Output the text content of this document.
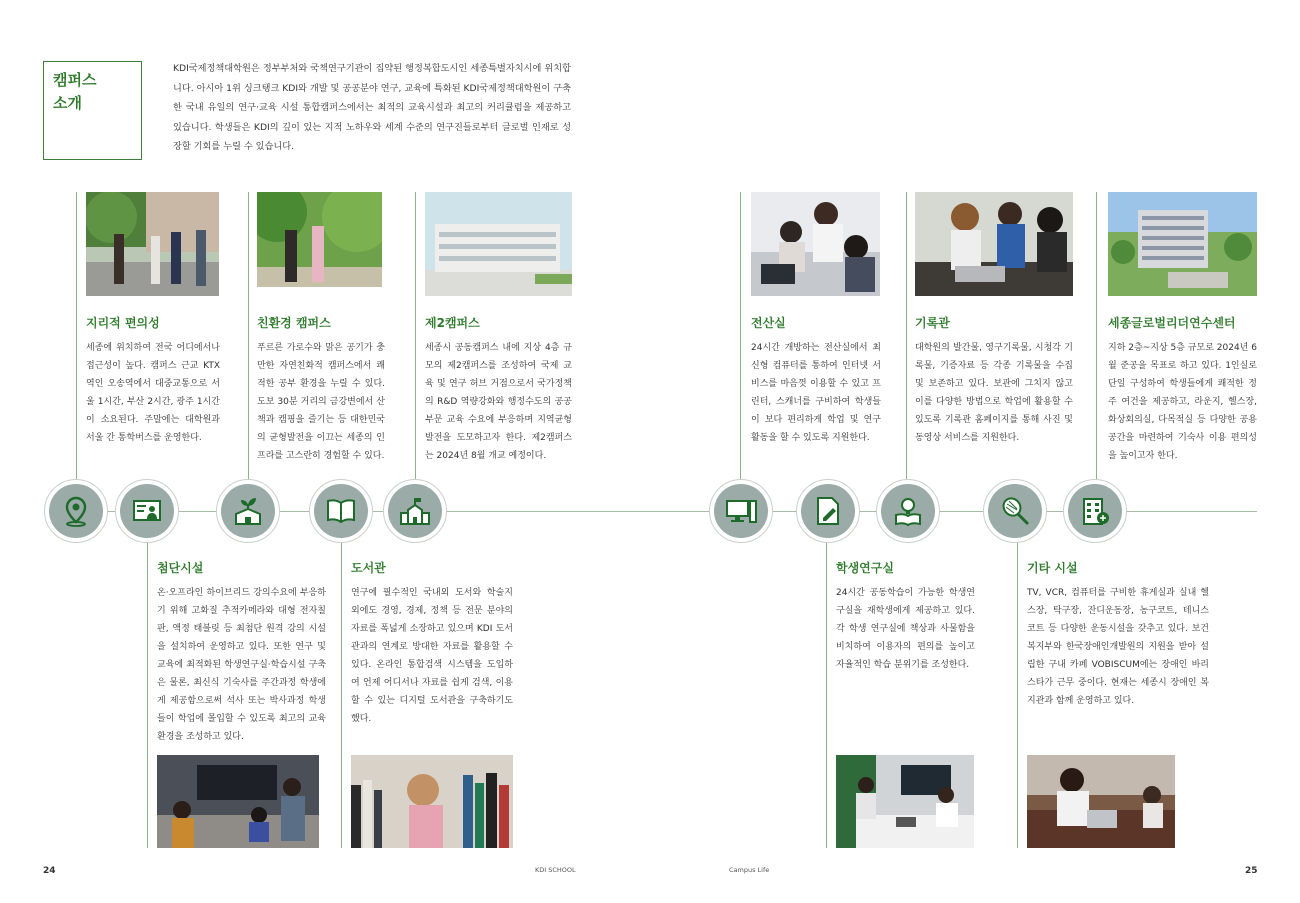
캠퍼스
소개
KDI국제정책대학원은 정부부처와 국책연구기관이 집약된 행정복합도시인 세종특별자치시에 위치합니다. 아시아 1위 싱크탱크 KDI와 개발 및 공공분야 연구, 교육에 특화된 KDI국제정책대학원이 구축한 국내 유일의 연구·교육 시설 통합캠퍼스에서는 최적의 교육시설과 최고의 커리큘럼을 제공하고 있습니다. 학생들은 KDI의 깊이 있는 지적 노하우와 세계 수준의 연구진들로부터 글로벌 인재로 성장할 기회를 누릴 수 있습니다.
지리적 편의성
세종에 위치하여 전국 어디에서나 접근성이 높다. 캠퍼스 근교 KTX역인 오송역에서 대중교통으로 서울 1시간, 부산 2시간, 광주 1시간이 소요된다. 주말에는 대학원과 서울 간 통학버스를 운영한다.
친환경 캠퍼스
푸르른 가로수와 맑은 공기가 충만한 자연친화적 캠퍼스에서 쾌적한 공부 환경을 누릴 수 있다. 도보 30분 거리의 금강변에서 산책과 캠핑을 즐기는 등 대한민국의 균형발전을 이끄는 세종의 인프라를 고스란히 경험할 수 있다.
제2캠퍼스
세종시 공동캠퍼스 내에 지상 4층 규모의 제2캠퍼스를 조성하여 국제 교육 및 연구 허브 거점으로서 국가정책의 R&D 역량강화와 행정수도의 공공부문 교육 수요에 부응하며 지역균형 발전을 도모하고자 한다. 제2캠퍼스는 2024년 8월 개교 예정이다.
전산실
24시간 개방하는 전산실에서 최신형 컴퓨터를 통하여 인터넷 서비스를 마음껏 이용할 수 있고 프린터, 스캐너를 구비하여 학생들이 보다 편리하게 학업 및 연구 활동을 할 수 있도록 지원한다.
기록관
대학원의 발간물, 영구기록물, 시청각 기록물, 기증자료 등 각종 기록물을 수집 및 보존하고 있다. 보관에 그치지 않고 이를 다양한 방법으로 학업에 활용할 수 있도록 기록관 홈페이지를 통해 사진 및 동영상 서비스를 지원한다.
세종글로벌리더연수센터
지하 2층~지상 5층 규모로 2024년 6월 준공을 목표로 하고 있다. 1인실로 단일 구성하여 학생들에게 쾌적한 정주 여건을 제공하고, 라운지, 헬스장, 화상회의실, 다목적실 등 다양한 공용 공간을 마련하여 기숙사 이용 편의성을 높이고자 한다.
첨단시설
온·오프라인 하이브리드 강의수요에 부응하기 위해 고화질 추적카메라와 대형 전자칠판, 액정 태블릿 등 최첨단 원격 강의 시설을 설치하여 운영하고 있다. 또한 연구 및 교육에 최적화된 학생연구실·학습시설 구축은 물론, 최신식 기숙사를 주간과정 학생에게 제공함으로써 석사 또는 박사과정 학생들이 학업에 몰입할 수 있도록 최고의 교육환경을 조성하고 있다.
도서관
연구에 필수적인 국내외 도서와 학술지 외에도 경영, 경제, 정책 등 전문 분야의 자료를 폭넓게 소장하고 있으며 KDI 도서관과의 연계로 방대한 자료를 활용할 수 있다. 온라인 통합검색 시스템을 도입하여 언제 어디서나 자료를 쉽게 검색, 이용할 수 있는 디지털 도서관을 구축하기도 했다.
학생연구실
24시간 공동학습이 가능한 학생연구실을 재학생에게 제공하고 있다. 각 학생 연구실에 책상과 사물함을 비치하여 이용자의 편의를 높이고 자율적인 학습 분위기를 조성한다.
기타 시설
TV, VCR, 컴퓨터를 구비한 휴게실과 실내 헬스장, 탁구장, 잔디운동장, 농구코트, 테니스 코트 등 다양한 운동시설을 갖추고 있다. 보건복지부와 한국장애인개발원의 지원을 받아 설립한 구내 카페 VOBISCUM에는 장애인 바리스타가 근무 중이다. 현재는 세종시 장애인 복지관과 함께 운영하고 있다.
24	KDI SCHOOL	Campus Life	25
